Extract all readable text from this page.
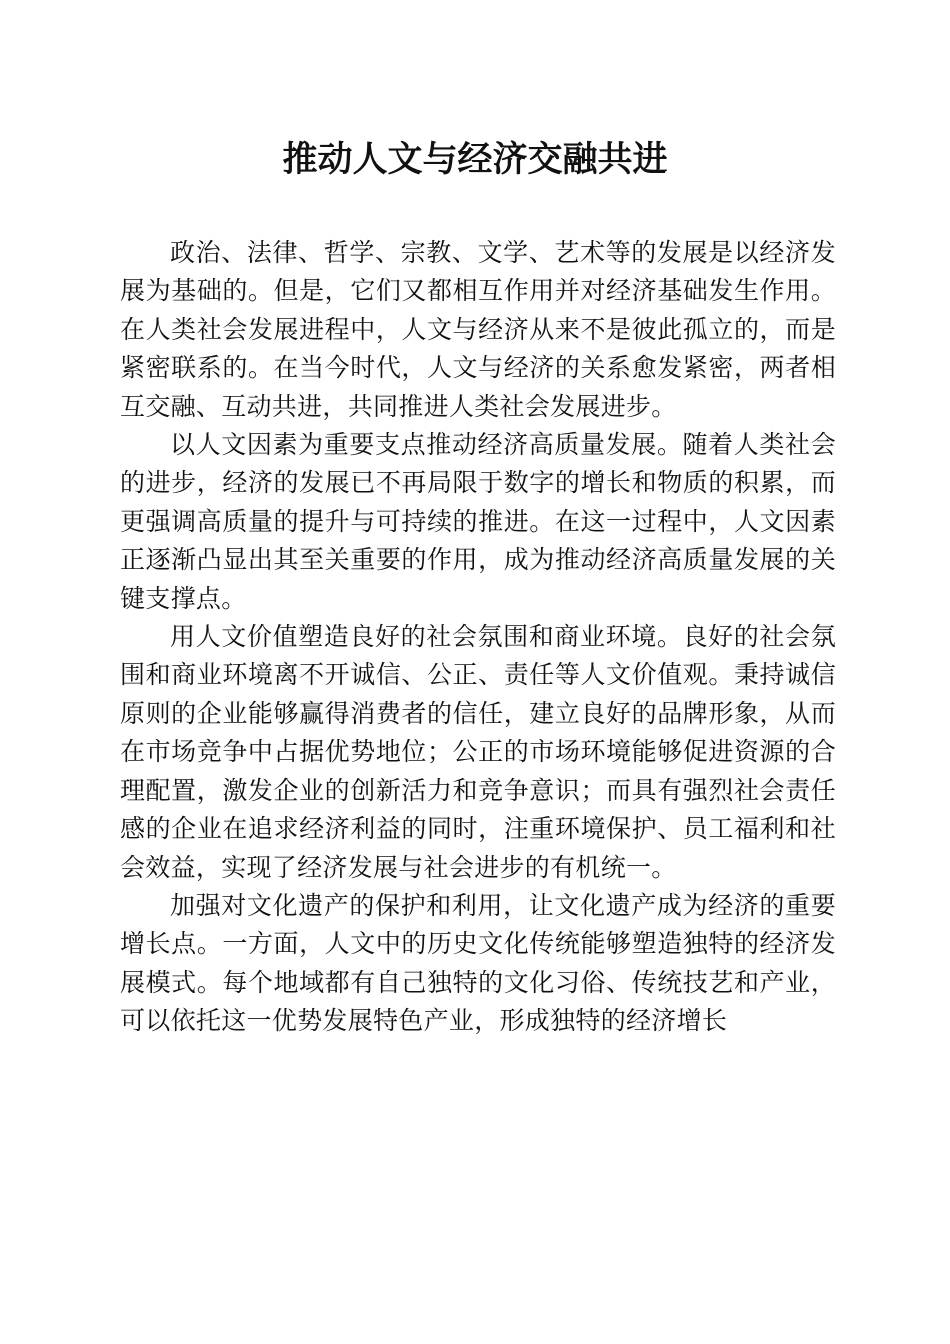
推动人文与经济交融共进

政治、法律、哲学、宗教、文学、艺术等的发展是以经济发展为基础的。但是，它们又都相互作用并对经济基础发生作用。在人类社会发展进程中，人文与经济从来不是彼此孤立的，而是紧密联系的。在当今时代，人文与经济的关系愈发紧密，两者相互交融、互动共进，共同推进人类社会发展进步。

以人文因素为重要支点推动经济高质量发展。随着人类社会的进步，经济的发展已不再局限于数字的增长和物质的积累，而更强调高质量的提升与可持续的推进。在这一过程中，人文因素正逐渐凸显出其至关重要的作用，成为推动经济高质量发展的关键支撑点。

用人文价值塑造良好的社会氛围和商业环境。良好的社会氛围和商业环境离不开诚信、公正、责任等人文价值观。秉持诚信原则的企业能够赢得消费者的信任，建立良好的品牌形象，从而在市场竞争中占据优势地位；公正的市场环境能够促进资源的合理配置，激发企业的创新活力和竞争意识；而具有强烈社会责任感的企业在追求经济利益的同时，注重环境保护、员工福利和社会效益，实现了经济发展与社会进步的有机统一。

加强对文化遗产的保护和利用，让文化遗产成为经济的重要增长点。一方面，人文中的历史文化传统能够塑造独特的经济发展模式。每个地域都有自己独特的文化习俗、传统技艺和产业，可以依托这一优势发展特色产业，形成独特的经济增长
